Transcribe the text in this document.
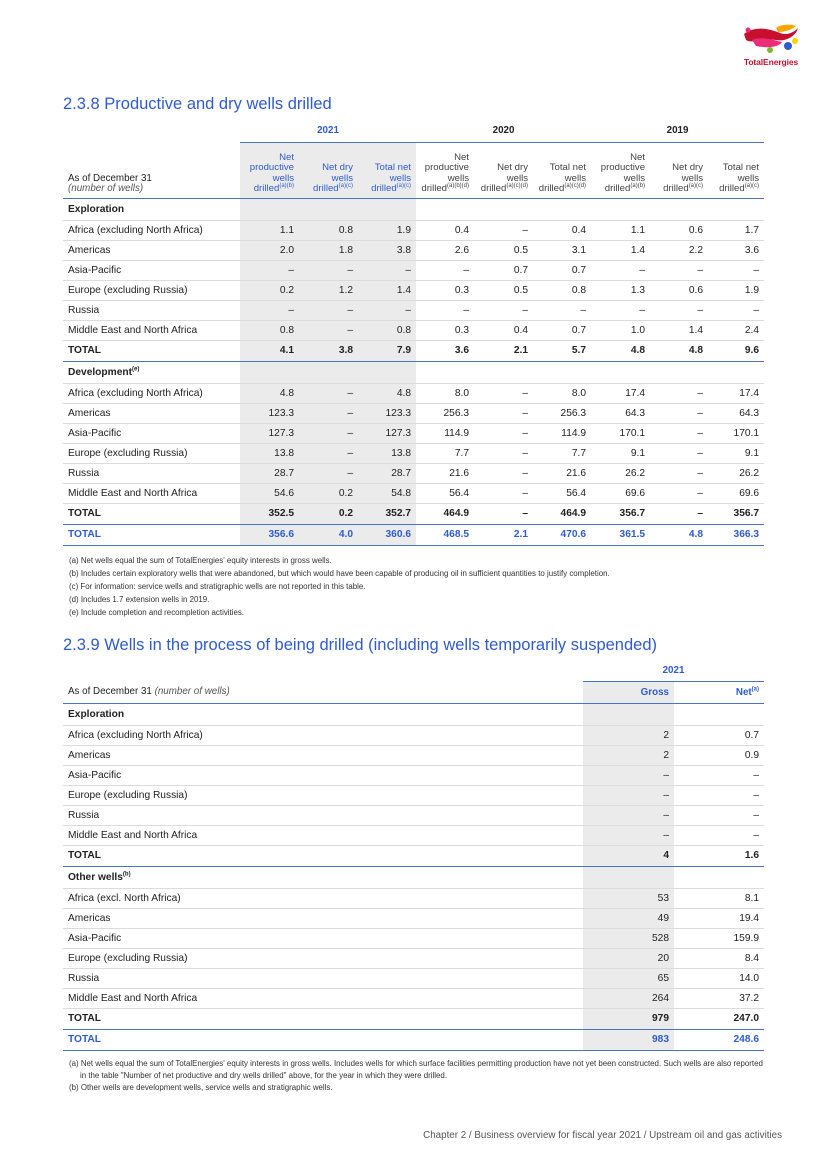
TotalEnergies
2.3.8 Productive and dry wells drilled
	2021			2020			2019		

As of December 31
(number of wells)	Net productive wells drilled$^{(a)(b)}$	Net dry wells drilled$^{(a)(c)}$	Total net wells drilled$^{(a)(c)}$	Net productive wells drilled$^{(a)(b)(d)}$	Net dry wells drilled$^{(a)(c)(d)}$	Total net wells drilled$^{(a)(c)(d)}$	Net productive wells drilled$^{(a)(b)}$	Net dry wells drilled$^{(a)(c)}$	Total net wells drilled$^{(a)(c)}$
Exploration									
Africa (excluding North Africa)	1.1	0.8	1.9	0.4	–	0.4	1.1	0.6	1.7
Americas	2.0	1.8	3.8	2.6	0.5	3.1	1.4	2.2	3.6
Asia-Pacific	–	–	–	–	0.7	0.7	–	–	–
Europe (excluding Russia)	0.2	1.2	1.4	0.3	0.5	0.8	1.3	0.6	1.9
Russia	–	–	–	–	–	–	–	–	–
Middle East and North Africa	0.8	–	0.8	0.3	0.4	0.7	1.0	1.4	2.4
TOTAL	4.1	3.8	7.9	3.6	2.1	5.7	4.8	4.8	9.6
Development$^{(e)}$									
Africa (excluding North Africa)	4.8	–	4.8	8.0	–	8.0	17.4	–	17.4
Americas	123.3	–	123.3	256.3	–	256.3	64.3	–	64.3
Asia-Pacific	127.3	–	127.3	114.9	–	114.9	170.1	–	170.1
Europe (excluding Russia)	13.8	–	13.8	7.7	–	7.7	9.1	–	9.1
Russia	28.7	–	28.7	21.6	–	21.6	26.2	–	26.2
Middle East and North Africa	54.6	0.2	54.8	56.4	–	56.4	69.6	–	69.6
TOTAL	352.5	0.2	352.7	464.9	–	464.9	356.7	–	356.7
TOTAL	356.6	4.0	360.6	468.5	2.1	470.6	361.5	4.8	366.3

(a) Net wells equal the sum of TotalEnergies' equity interests in gross wells.

(b) Includes certain exploratory wells that were abandoned, but which would have been capable of producing oil in sufficient quantities to justify completion.

(c) For information: service wells and stratigraphic wells are not reported in this table.

(d) Includes 1.7 extension wells in 2019.

(e) Include completion and recompletion activities.

2.3.9 Wells in the process of being drilled (including wells temporarily suspended)
	2021	
As of December 31 (number of wells)	Gross	Net$^{(a)}$
Exploration		
Africa (excluding North Africa)	2	0.7
Americas	2	0.9
Asia-Pacific	–	–
Europe (excluding Russia)	–	–
Russia	–	–
Middle East and North Africa	–	–
TOTAL	4	1.6
Other wells$^{(b)}$		
Africa (excl. North Africa)	53	8.1
Americas	49	19.4
Asia-Pacific	528	159.9
Europe (excluding Russia)	20	8.4
Russia	65	14.0
Middle East and North Africa	264	37.2
TOTAL	979	247.0
TOTAL	983	248.6

(a) Net wells equal the sum of TotalEnergies' equity interests in gross wells. Includes wells for which surface facilities permitting production have not yet been constructed. Such wells are also reported in the table "Number of net productive and dry wells drilled" above, for the year in which they were drilled.

(b) Other wells are development wells, service wells and stratigraphic wells.

Chapter 2 / Business overview for fiscal year 2021 / Upstream oil and gas activities
